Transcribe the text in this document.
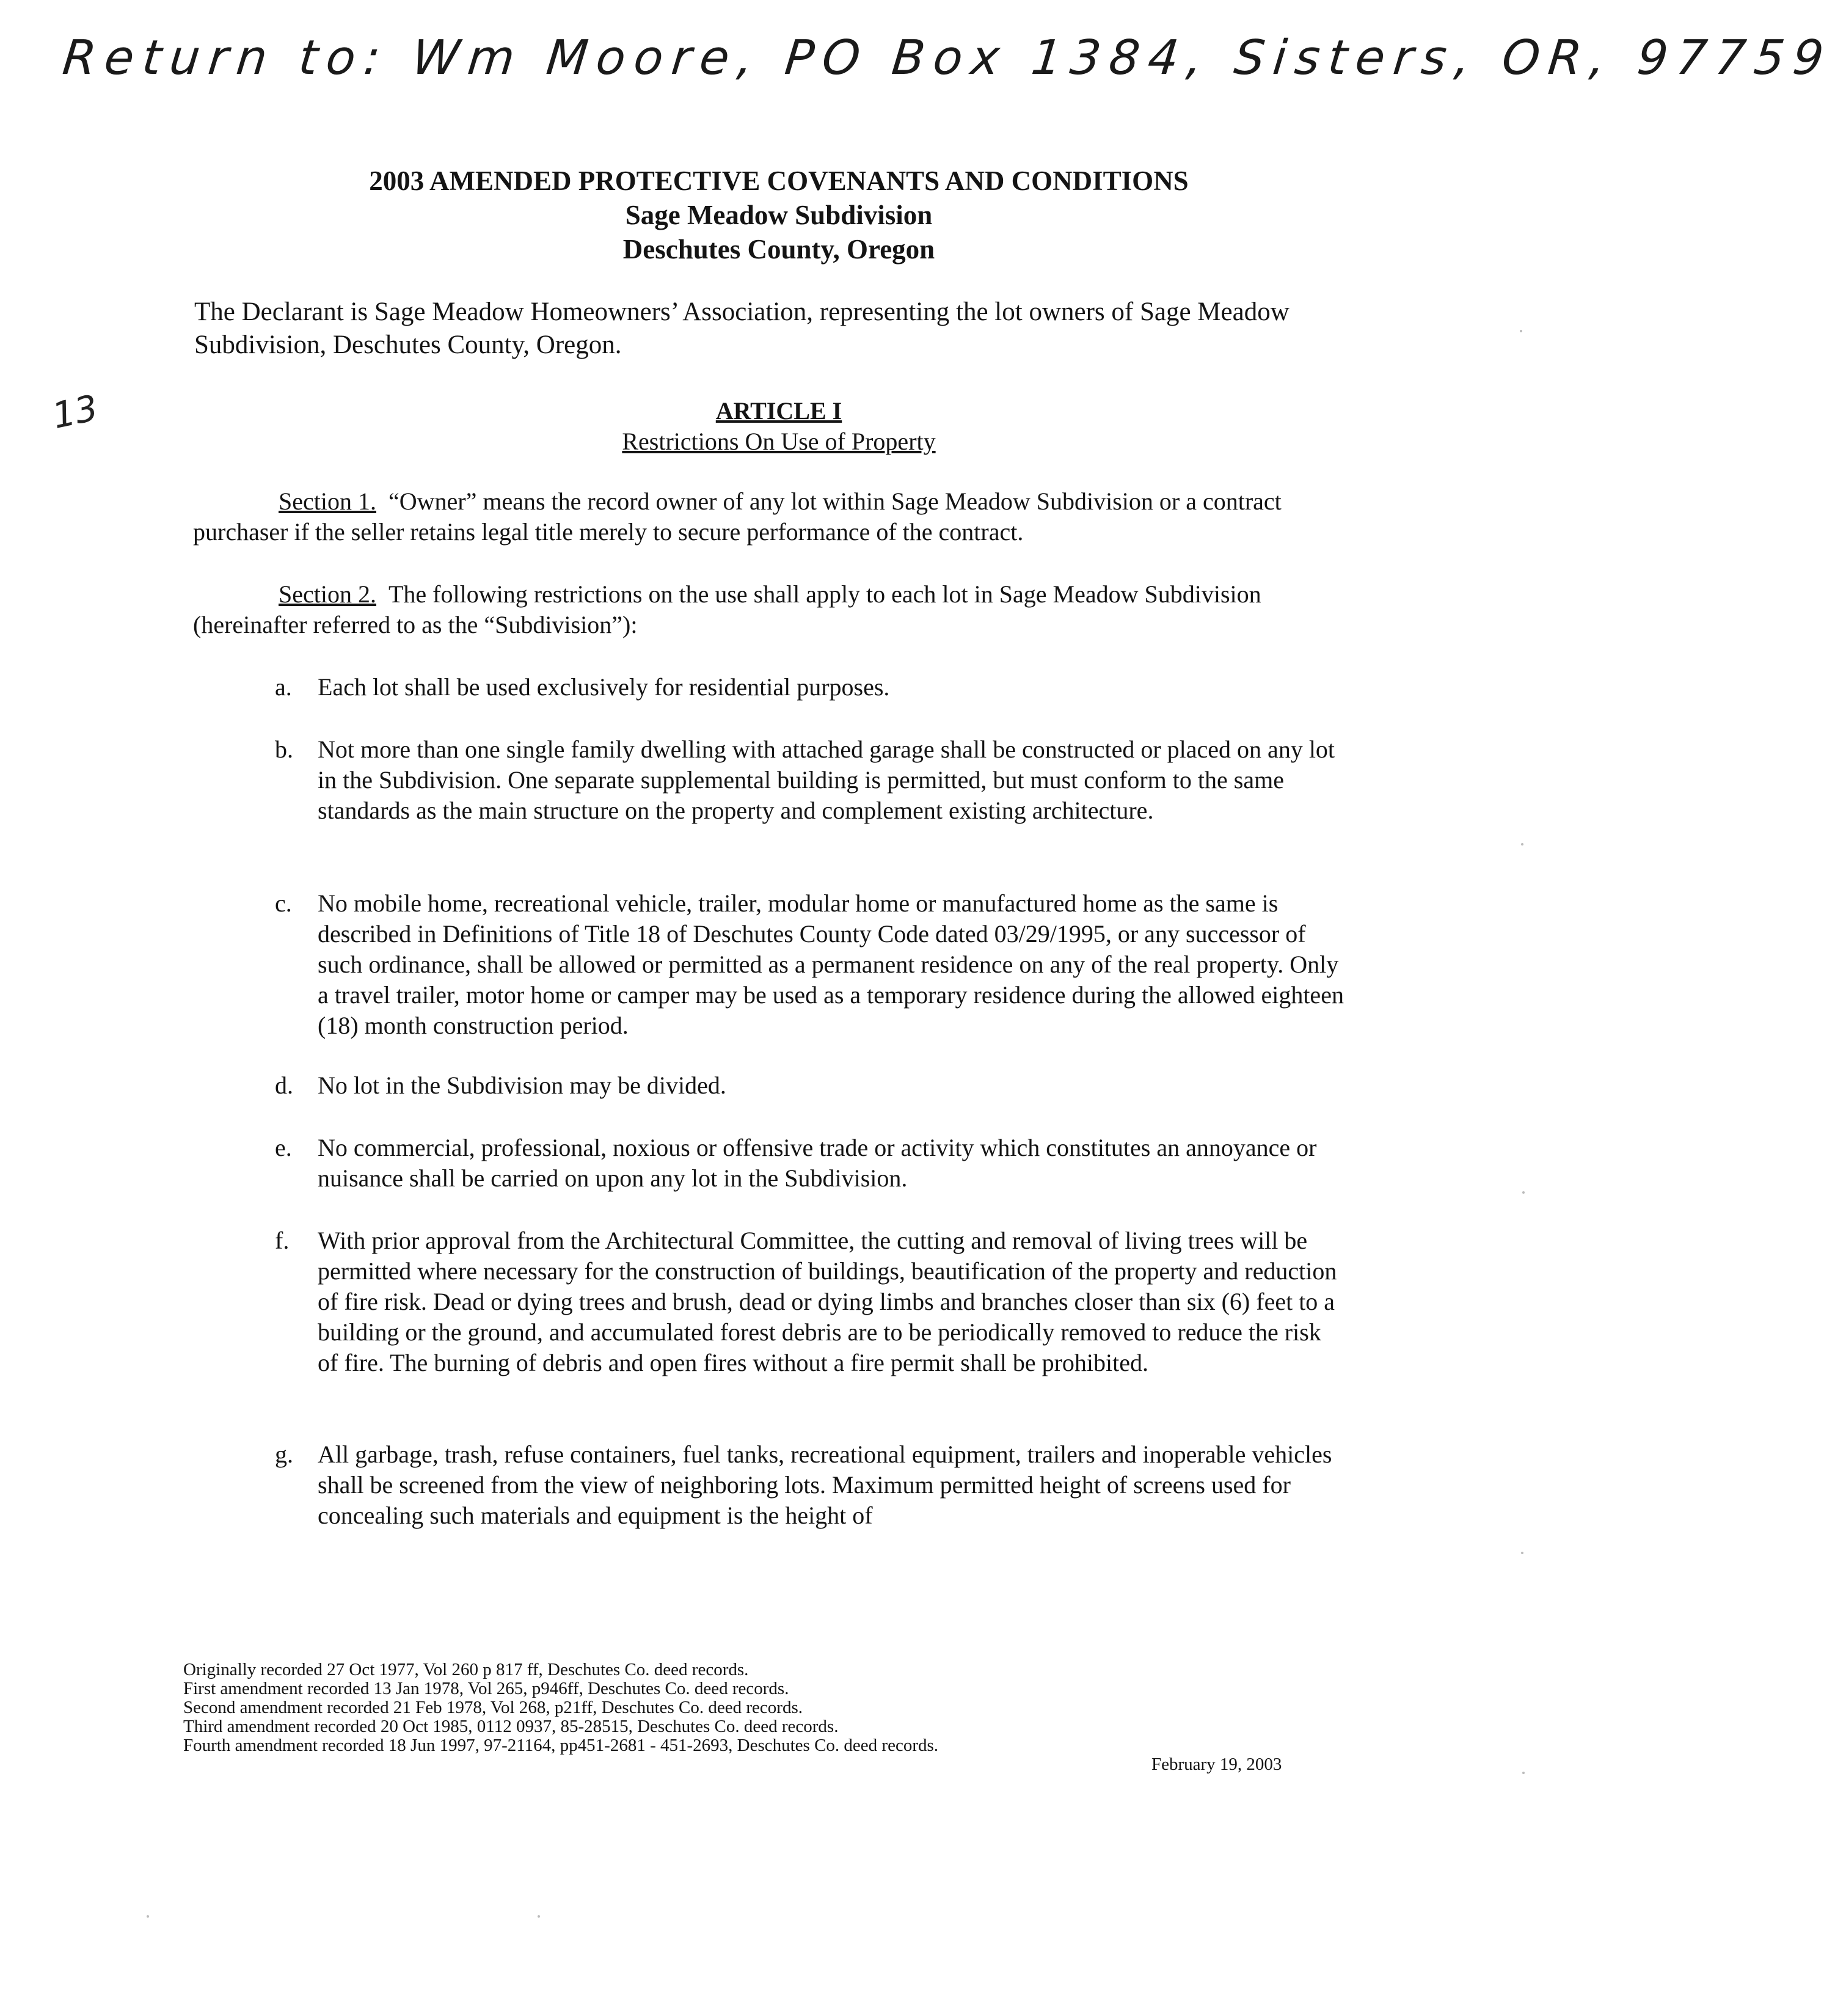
Return to: Wm Moore, PO Box 1384, Sisters, OR, 97759
13
2003 AMENDED PROTECTIVE COVENANTS AND CONDITIONS
Sage Meadow Subdivision
Deschutes County, Oregon
The Declarant is Sage Meadow Homeowners’ Association, representing the lot owners of Sage Meadow Subdivision, Deschutes County, Oregon.
ARTICLE I
Restrictions On Use of Property
Section 1. “Owner” means the record owner of any lot within Sage Meadow Subdivision or a contract purchaser if the seller retains legal title merely to secure performance of the contract.
Section 2. The following restrictions on the use shall apply to each lot in Sage Meadow Subdivision (hereinafter referred to as the “Subdivision”):
a.	Each lot shall be used exclusively for residential purposes.
b.	Not more than one single family dwelling with attached garage shall be constructed or placed on any lot in the Subdivision. One separate supplemental building is permitted, but must conform to the same standards as the main structure on the property and complement existing architecture.
c.	No mobile home, recreational vehicle, trailer, modular home or manufactured home as the same is described in Definitions of Title 18 of Deschutes County Code dated 03/29/1995, or any successor of such ordinance, shall be allowed or permitted as a permanent residence on any of the real property. Only a travel trailer, motor home or camper may be used as a temporary residence during the allowed eighteen (18) month construction period.
d.	No lot in the Subdivision may be divided.
e.	No commercial, professional, noxious or offensive trade or activity which constitutes an annoyance or nuisance shall be carried on upon any lot in the Subdivision.
f.	With prior approval from the Architectural Committee, the cutting and removal of living trees will be permitted where necessary for the construction of buildings, beautification of the property and reduction of fire risk. Dead or dying trees and brush, dead or dying limbs and branches closer than six (6) feet to a building or the ground, and accumulated forest debris are to be periodically removed to reduce the risk of fire. The burning of debris and open fires without a fire permit shall be prohibited.
g.	All garbage, trash, refuse containers, fuel tanks, recreational equipment, trailers and inoperable vehicles shall be screened from the view of neighboring lots. Maximum permitted height of screens used for concealing such materials and equipment is the height of
Originally recorded 27 Oct 1977, Vol 260 p 817 ff, Deschutes Co. deed records.
First amendment recorded 13 Jan 1978, Vol 265, p946ff, Deschutes Co. deed records.
Second amendment recorded 21 Feb 1978, Vol 268, p21ff, Deschutes Co. deed records.
Third amendment recorded 20 Oct 1985, 0112 0937, 85-28515, Deschutes Co. deed records.
Fourth amendment recorded 18 Jun 1997, 97-21164, pp451-2681 - 451-2693, Deschutes Co. deed records.
February 19, 2003
